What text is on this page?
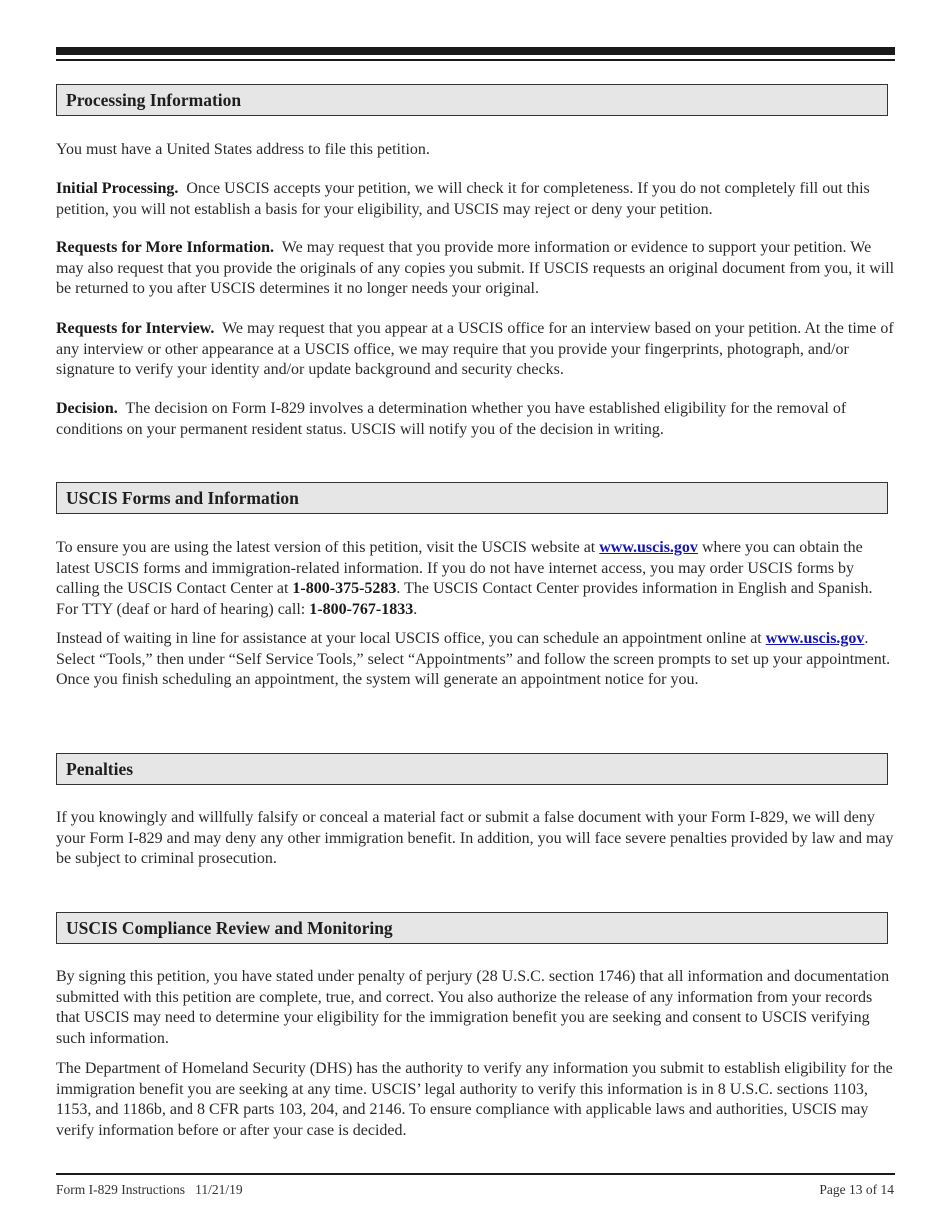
Processing Information

You must have a United States address to file this petition.

Initial Processing. Once USCIS accepts your petition, we will check it for completeness. If you do not completely fill out this petition, you will not establish a basis for your eligibility, and USCIS may reject or deny your petition.

Requests for More Information. We may request that you provide more information or evidence to support your petition. We may also request that you provide the originals of any copies you submit. If USCIS requests an original document from you, it will be returned to you after USCIS determines it no longer needs your original.

Requests for Interview. We may request that you appear at a USCIS office for an interview based on your petition. At the time of any interview or other appearance at a USCIS office, we may require that you provide your fingerprints, photograph, and/or signature to verify your identity and/or update background and security checks.

Decision. The decision on Form I-829 involves a determination whether you have established eligibility for the removal of conditions on your permanent resident status. USCIS will notify you of the decision in writing.

USCIS Forms and Information

To ensure you are using the latest version of this petition, visit the USCIS website at www.uscis.gov where you can obtain the latest USCIS forms and immigration-related information. If you do not have internet access, you may order USCIS forms by calling the USCIS Contact Center at 1-800-375-5283. The USCIS Contact Center provides information in English and Spanish. For TTY (deaf or hard of hearing) call: 1-800-767-1833.

Instead of waiting in line for assistance at your local USCIS office, you can schedule an appointment online at www.uscis.gov. Select “Tools,” then under “Self Service Tools,” select “Appointments” and follow the screen prompts to set up your appointment. Once you finish scheduling an appointment, the system will generate an appointment notice for you.

Penalties

If you knowingly and willfully falsify or conceal a material fact or submit a false document with your Form I-829, we will deny your Form I-829 and may deny any other immigration benefit. In addition, you will face severe penalties provided by law and may be subject to criminal prosecution.

USCIS Compliance Review and Monitoring

By signing this petition, you have stated under penalty of perjury (28 U.S.C. section 1746) that all information and documentation submitted with this petition are complete, true, and correct. You also authorize the release of any information from your records that USCIS may need to determine your eligibility for the immigration benefit you are seeking and consent to USCIS verifying such information.

The Department of Homeland Security (DHS) has the authority to verify any information you submit to establish eligibility for the immigration benefit you are seeking at any time. USCIS’ legal authority to verify this information is in 8 U.S.C. sections 1103, 1153, and 1186b, and 8 CFR parts 103, 204, and 2146. To ensure compliance with applicable laws and authorities, USCIS may verify information before or after your case is decided.

Form I-829 Instructions   11/21/19	Page 13 of 14
